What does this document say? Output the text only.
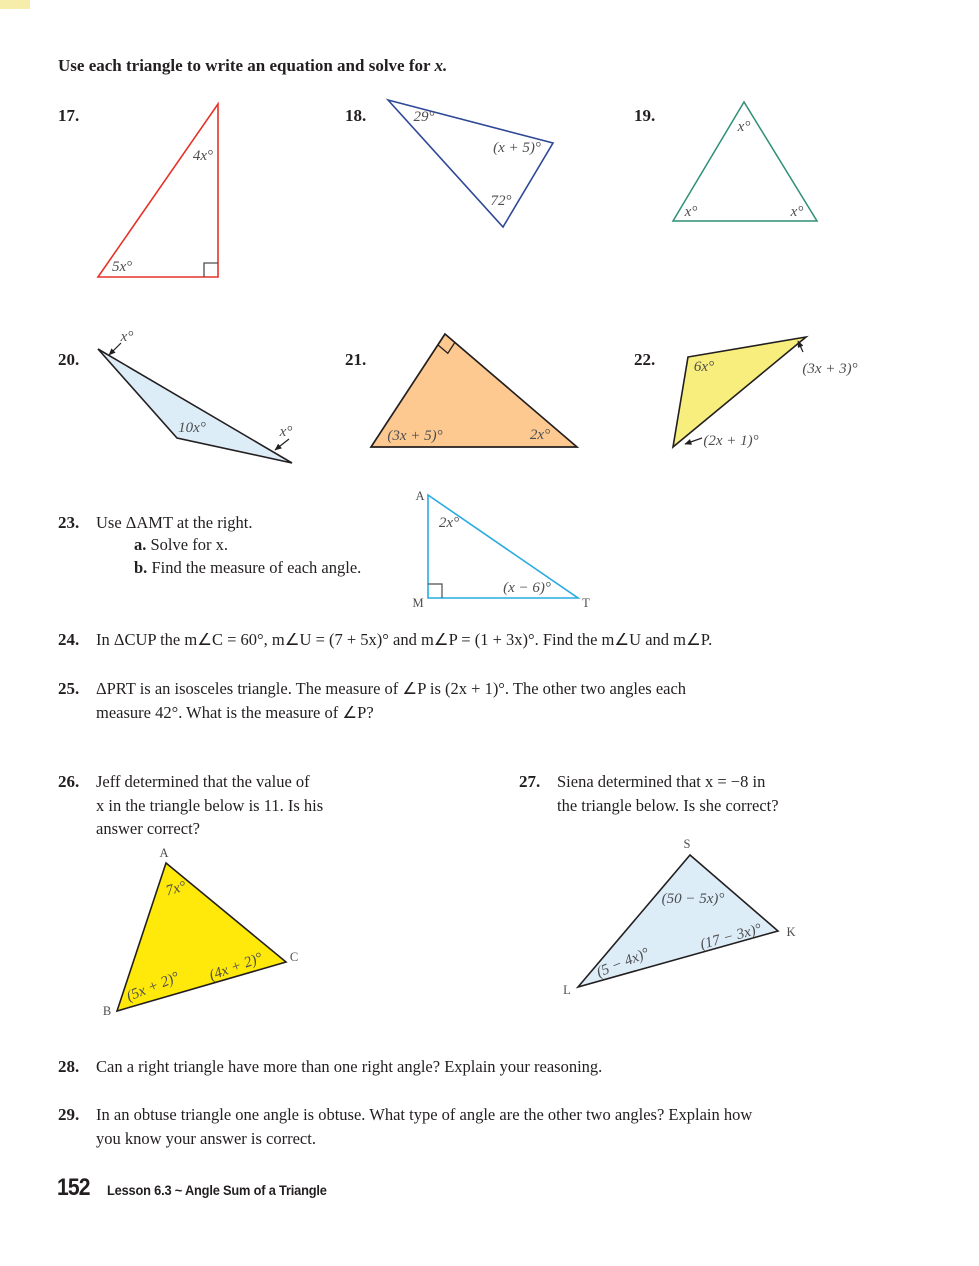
Use each triangle to write an equation and solve for x.
17.	18.	19.
4x°
5x°
29°
(x + 5)°
72°
x°
x°	x°
20.	21.	22.
x°
10x°	x°	(3x + 5)°	2x°
6x°	(3x + 3)°
(2x + 1)°
23. Use ΔAMT at the right.
a. Solve for x.
b. Find the measure of each angle.
A
M	T
2x°
(x − 6)°
24. In ΔCUP the m∠C = 60°, m∠U = (7 + 5x)° and m∠P = (1 + 3x)°. Find the m∠U and m∠P.
25. ΔPRT is an isosceles triangle. The measure of ∠P is (2x + 1)°. The other two angles each
measure 42°. What is the measure of ∠P?
26. Jeff determined that the value of
x in the triangle below is 11. Is his
answer correct?
27. Siena determined that x = −8 in
the triangle below. Is she correct?
A
B
C
7x°
(5x + 2)°
(4x + 2)°
S
K
L
(50 − 5x)°
(17 − 3x)°
(5 − 4x)°
28. Can a right triangle have more than one right angle? Explain your reasoning.
29. In an obtuse triangle one angle is obtuse. What type of angle are the other two angles? Explain how
you know your answer is correct.
152 Lesson 6.3 ~ Angle Sum of a Triangle
